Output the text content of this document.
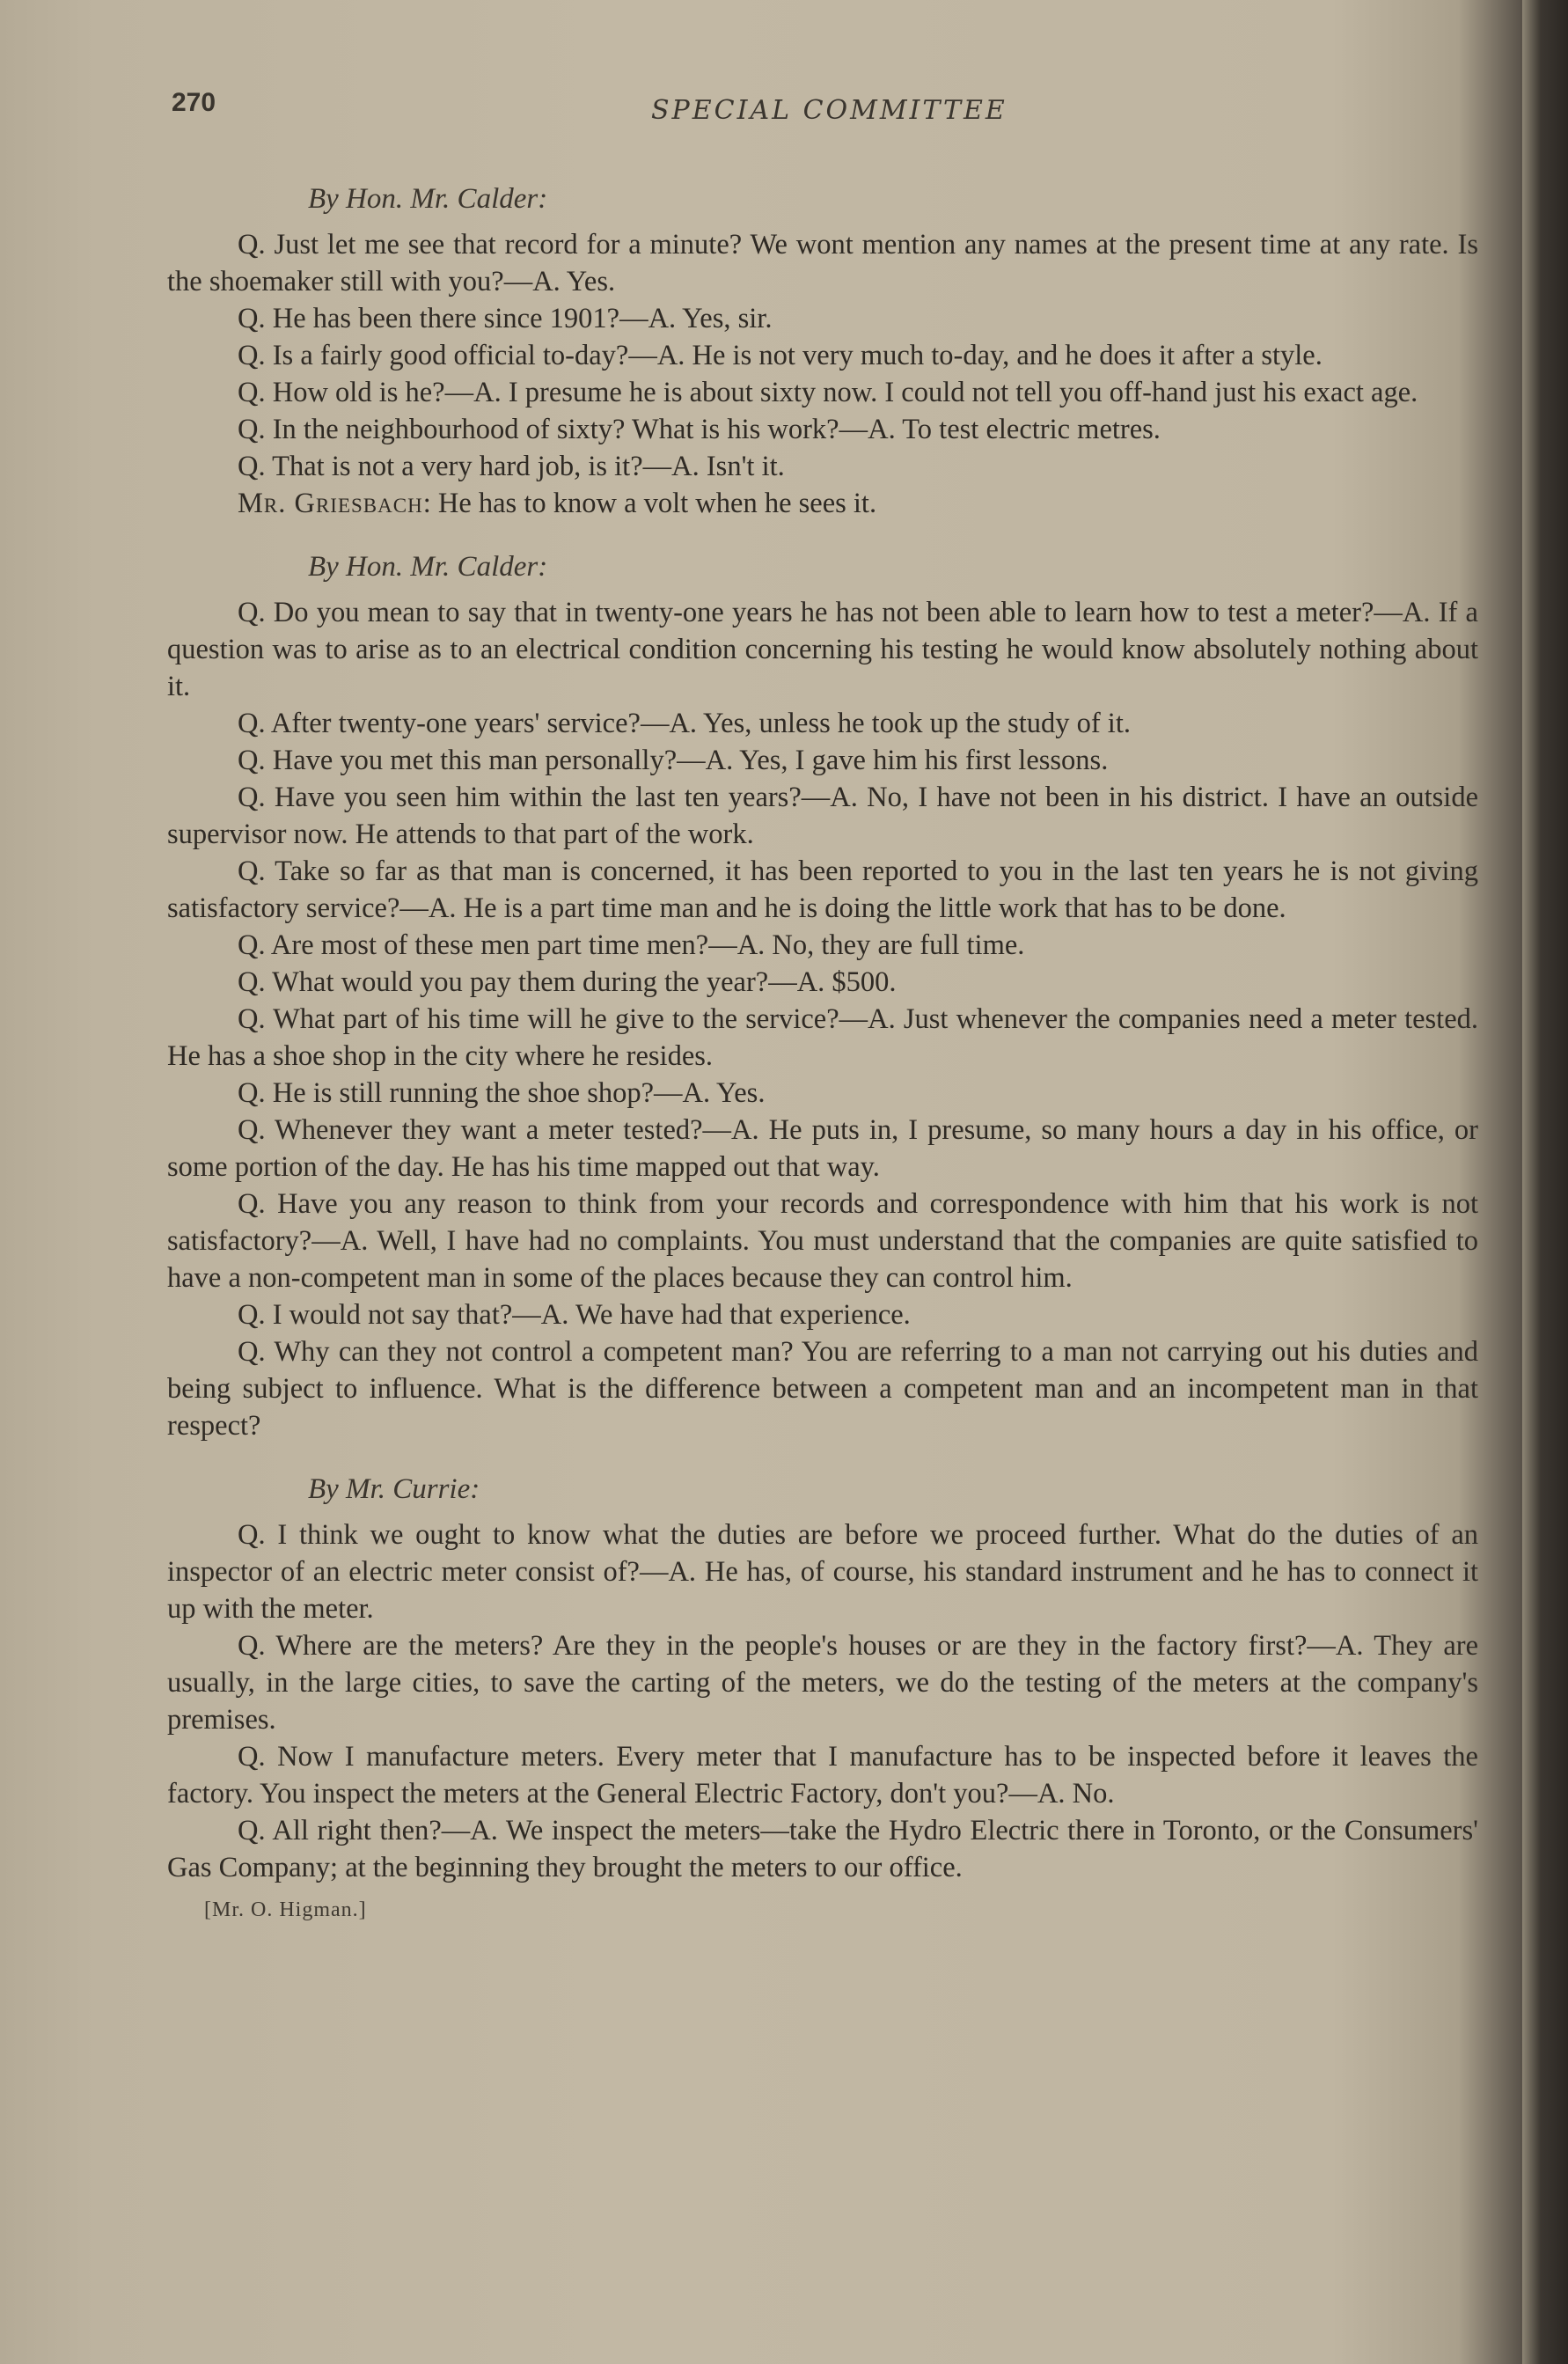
270	SPECIAL COMMITTEE
By Hon. Mr. Calder:

Q. Just let me see that record for a minute? We wont mention any names at the present time at any rate. Is the shoemaker still with you?—A. Yes.

Q. He has been there since 1901?—A. Yes, sir.

Q. Is a fairly good official to-day?—A. He is not very much to-day, and he does it after a style.

Q. How old is he?—A. I presume he is about sixty now. I could not tell you off-hand just his exact age.

Q. In the neighbourhood of sixty? What is his work?—A. To test electric metres.

Q. That is not a very hard job, is it?—A. Isn't it.

Mr. Griesbach: He has to know a volt when he sees it.

By Hon. Mr. Calder:

Q. Do you mean to say that in twenty-one years he has not been able to learn how to test a meter?—A. If a question was to arise as to an electrical condition concerning his testing he would know absolutely nothing about it.

Q. After twenty-one years' service?—A. Yes, unless he took up the study of it.

Q. Have you met this man personally?—A. Yes, I gave him his first lessons.

Q. Have you seen him within the last ten years?—A. No, I have not been in his district. I have an outside supervisor now. He attends to that part of the work.

Q. Take so far as that man is concerned, it has been reported to you in the last ten years he is not giving satisfactory service?—A. He is a part time man and he is doing the little work that has to be done.

Q. Are most of these men part time men?—A. No, they are full time.

Q. What would you pay them during the year?—A. $500.

Q. What part of his time will he give to the service?—A. Just whenever the companies need a meter tested. He has a shoe shop in the city where he resides.

Q. He is still running the shoe shop?—A. Yes.

Q. Whenever they want a meter tested?—A. He puts in, I presume, so many hours a day in his office, or some portion of the day. He has his time mapped out that way.

Q. Have you any reason to think from your records and correspondence with him that his work is not satisfactory?—A. Well, I have had no complaints. You must understand that the companies are quite satisfied to have a non-competent man in some of the places because they can control him.

Q. I would not say that?—A. We have had that experience.

Q. Why can they not control a competent man? You are referring to a man not carrying out his duties and being subject to influence. What is the difference between a competent man and an incompetent man in that respect?

By Mr. Currie:

Q. I think we ought to know what the duties are before we proceed further. What do the duties of an inspector of an electric meter consist of?—A. He has, of course, his standard instrument and he has to connect it up with the meter.

Q. Where are the meters? Are they in the people's houses or are they in the factory first?—A. They are usually, in the large cities, to save the carting of the meters, we do the testing of the meters at the company's premises.

Q. Now I manufacture meters. Every meter that I manufacture has to be inspected before it leaves the factory. You inspect the meters at the General Electric Factory, don't you?—A. No.

Q. All right then?—A. We inspect the meters—take the Hydro Electric there in Toronto, or the Consumers' Gas Company; at the beginning they brought the meters to our office.

[Mr. O. Higman.]
